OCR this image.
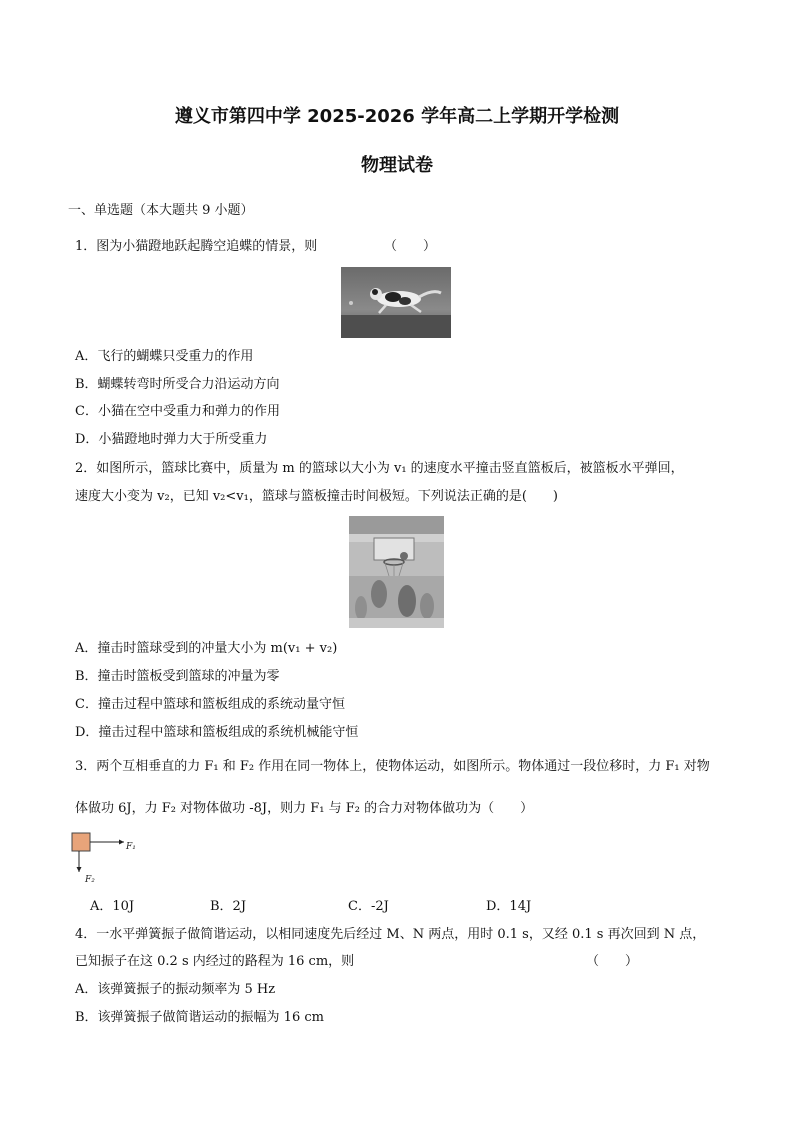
遵义市第四中学 2025-2026 学年高二上学期开学检测
物理试卷
一、单选题（本大题共 9 小题）
1．图为小猫蹬地跃起腾空追蝶的情景，则	（　　）
A．飞行的蝴蝶只受重力的作用
B．蝴蝶转弯时所受合力沿运动方向
C．小猫在空中受重力和弹力的作用
D．小猫蹬地时弹力大于所受重力
2．如图所示，篮球比赛中，质量为 m 的篮球以大小为 v₁ 的速度水平撞击竖直篮板后，被篮板水平弹回，
速度大小变为 v₂，已知 v₂<v₁，篮球与篮板撞击时间极短。下列说法正确的是(　　)
A．撞击时篮球受到的冲量大小为 m(v₁ + v₂)
B．撞击时篮板受到篮球的冲量为零
C．撞击过程中篮球和篮板组成的系统动量守恒
D．撞击过程中篮球和篮板组成的系统机械能守恒
3．两个互相垂直的力 F₁ 和 F₂ 作用在同一物体上，使物体运动，如图所示。物体通过一段位移时，力 F₁ 对物
体做功 6J，力 F₂ 对物体做功 -8J，则力 F₁ 与 F₂ 的合力对物体做功为（　　）
F₁
F₂
A．10J	B．2J	C．-2J	D．14J
4．一水平弹簧振子做简谐运动，以相同速度先后经过 M、N 两点，用时 0.1 s，又经 0.1 s 再次回到 N 点，
已知振子在这 0.2 s 内经过的路程为 16 cm，则	（　　）
A．该弹簧振子的振动频率为 5 Hz
B．该弹簧振子做简谐运动的振幅为 16 cm
